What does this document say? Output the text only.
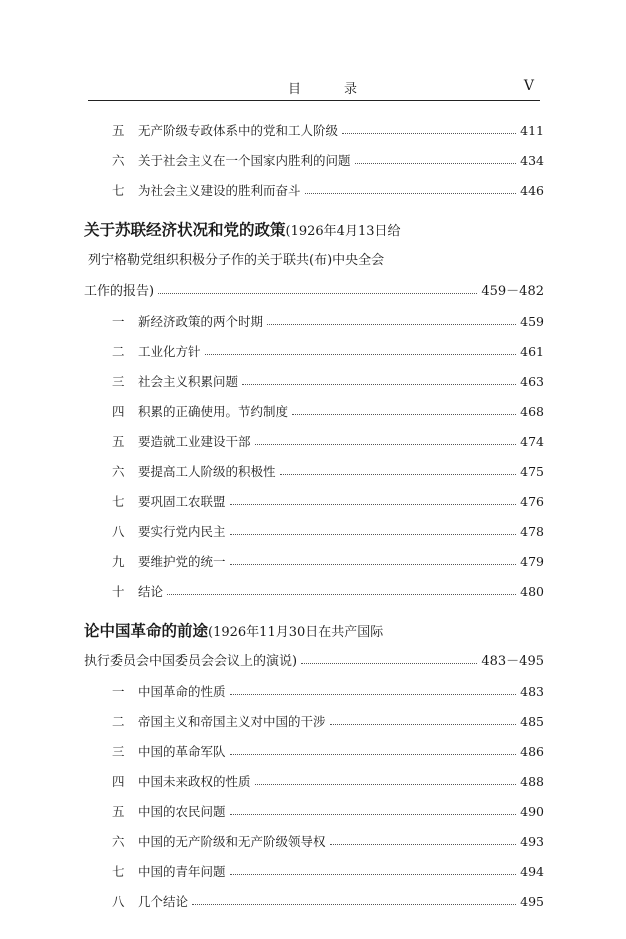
目	录	V
五	无产阶级专政体系中的党和工人阶级	411
六	关于社会主义在一个国家内胜利的问题	434
七	为社会主义建设的胜利而奋斗	446
关于苏联经济状况和党的政策(1926年4月13日给
列宁格勒党组织积极分子作的关于联共(布)中央全会
工作的报告)	459－482
一	新经济政策的两个时期	459
二	工业化方针	461
三	社会主义积累问题	463
四	积累的正确使用。节约制度	468
五	要造就工业建设干部	474
六	要提高工人阶级的积极性	475
七	要巩固工农联盟	476
八	要实行党内民主	478
九	要维护党的统一	479
十	结论	480
论中国革命的前途(1926年11月30日在共产国际
执行委员会中国委员会会议上的演说)	483－495
一	中国革命的性质	483
二	帝国主义和帝国主义对中国的干涉	485
三	中国的革命军队	486
四	中国未来政权的性质	488
五	中国的农民问题	490
六	中国的无产阶级和无产阶级领导权	493
七	中国的青年问题	494
八	几个结论	495
